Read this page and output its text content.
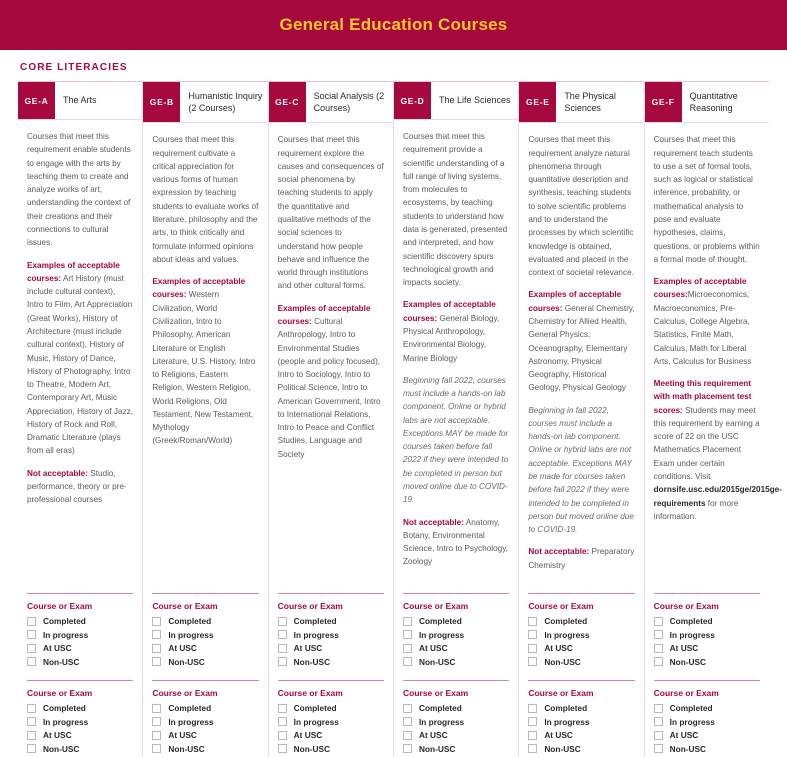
General Education Courses
CORE LITERACIES
GE-A	The Arts

Courses that meet this requirement enable students to engage with the arts by teaching them to create and analyze works of art, understanding the context of their creations and their connections to cultural issues.

Examples of acceptable courses: Art History (must include cultural context), Intro to Film, Art Appreciation (Great Works), History of Architecture (must include cultural context), History of Music, History of Dance, History of Photography, Intro to Theatre, Modern Art, Contemporary Art, Music Appreciation, History of Jazz, History of Rock and Roll, Dramatic Literature (plays from all eras)

Not acceptable: Studio, performance, theory or pre-professional courses

Course or Exam
Completed
In progress
At USC
Non-USC
Course or Exam
Completed
In progress
At USC
Non-USC
GE-B
Humanistic Inquiry (2 Courses)

Courses that meet this requirement cultivate a critical appreciation for various forms of human expression by teaching students to evaluate works of literature, philosophy and the arts, to think critically and formulate informed opinions about ideas and values.

Examples of acceptable courses: Western Civilization, World Civilization, Intro to Philosophy, American Literature or English Literature, U.S. History, Intro to Religions, Eastern Religion, Western Religion, World Religions, Old Testament, New Testament, Mythology (Greek/Roman/World)

Course or Exam
Completed
In progress
At USC
Non-USC
Course or Exam
Completed
In progress
At USC
Non-USC
GE-C
Social Analysis (2 Courses)

Courses that meet this requirement explore the causes and consequences of social phenomena by teaching students to apply the quantitative and qualitative methods of the social sciences to understand how people behave and influence the world through institutions and other cultural forms.

Examples of acceptable courses: Cultural Anthropology, Intro to Environmental Studies (people and policy focused), Intro to Sociology, Intro to Political Science, Intro to American Government, Intro to International Relations, Intro to Peace and Conflict Studies, Language and Society

Course or Exam
Completed
In progress
At USC
Non-USC
Course or Exam
Completed
In progress
At USC
Non-USC
GE-D	The Life Sciences

Courses that meet this requirement provide a scientific understanding of a full range of living systems, from molecules to ecosystems, by teaching students to understand how data is generated, presented and interpreted, and how scientific discovery spurs technological growth and impacts society.

Examples of acceptable courses: General Biology, Physical Anthropology, Environmental Biology, Marine Biology

Beginning fall 2022, courses must include a hands-on lab component. Online or hybrid labs are not acceptable. Exceptions MAY be made for courses taken before fall 2022 if they were intended to be completed in person but moved online due to COVID-19.

Not acceptable: Anatomy, Botany, Environmental Science, Intro to Psychology, Zoology

Course or Exam
Completed
In progress
At USC
Non-USC
Course or Exam
Completed
In progress
At USC
Non-USC
GE-E
The Physical Sciences

Courses that meet this requirement analyze natural phenomena through quantitative description and synthesis, teaching students to solve scientific problems and to understand the processes by which scientific knowledge is obtained, evaluated and placed in the context of societal relevance.

Examples of acceptable courses: General Chemistry, Chemistry for Allied Health, General Physics, Oceanography, Elementary Astronomy, Physical Geography, Historical Geology, Physical Geology

Beginning in fall 2022, courses must include a hands-on lab component. Online or hybrid labs are not acceptable. Exceptions MAY be made for courses taken before fall 2022 if they were intended to be completed in person but moved online due to COVID-19.

Not acceptable: Preparatory Chemistry

Course or Exam
Completed
In progress
At USC
Non-USC
Course or Exam
Completed
In progress
At USC
Non-USC
GE-F
Quantitative Reasoning

Courses that meet this requirement teach students to use a set of formal tools, such as logical or statistical inference, probability, or mathematical analysis to pose and evaluate hypotheses, claims, questions, or problems within a formal mode of thought.

Examples of acceptable courses:Microeconomics, Macroeconomics, Pre-Calculus, College Algebra, Statistics, Finite Math, Calculus, Math for Liberal Arts, Calculus for Business

Meeting this requirement with math placement test scores: Students may meet this requirement by earning a score of 22 on the USC Mathematics Placement Exam under certain conditions. Visit dornsife.usc.edu/2015ge/2015ge-requirements for more information.

Course or Exam
Completed
In progress
At USC
Non-USC
Course or Exam
Completed
In progress
At USC
Non-USC
